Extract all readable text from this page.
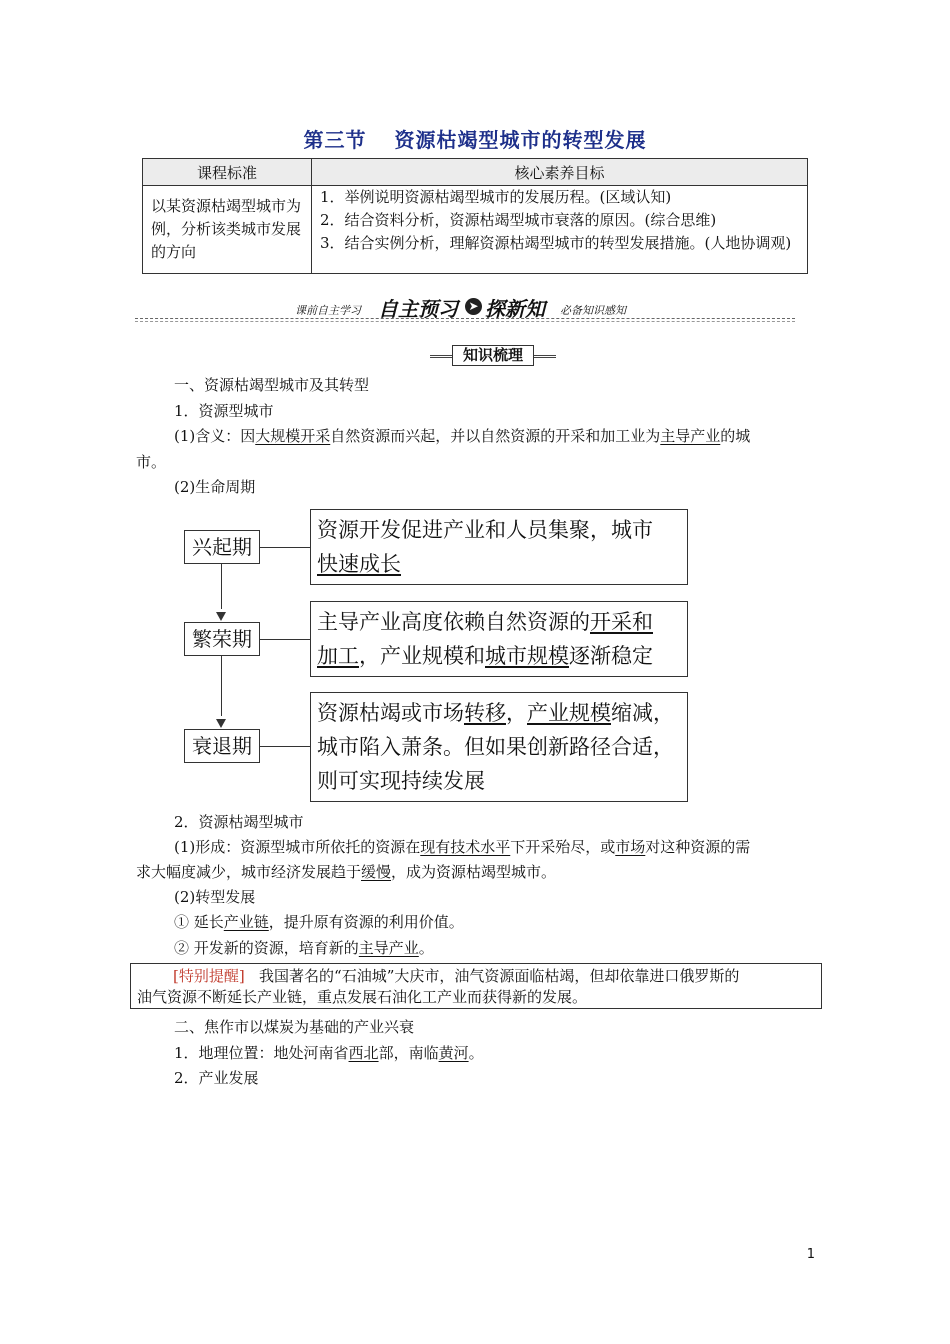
第三节 资源枯竭型城市的转型发展
课程标准	核心素养目标
以某资源枯竭型城市为例，分析该类城市发展的方向	1．举例说明资源枯竭型城市的发展历程。(区域认知)
2．结合资料分析，资源枯竭型城市衰落的原因。(综合思维)
3．结合实例分析，理解资源枯竭型城市的转型发展措施。(人地协调观)
课前自主学习 自主预习 ➤ 探新知 必备知识感知
知识梳理
一、资源枯竭型城市及其转型
1．资源型城市
(1)含义：因大规模开采自然资源而兴起，并以自然资源的开采和加工业为主导产业的城
市。
(2)生命周期
兴起期
繁荣期
衰退期
资源开发促进产业和人员集聚，城市
快速成长
主导产业高度依赖自然资源的开采和
加工，产业规模和城市规模逐渐稳定
资源枯竭或市场转移，产业规模缩减，
城市陷入萧条。但如果创新路径合适，
则可实现持续发展
2．资源枯竭型城市
(1)形成：资源型城市所依托的资源在现有技术水平下开采殆尽，或市场对这种资源的需
求大幅度减少，城市经济发展趋于缓慢，成为资源枯竭型城市。
(2)转型发展
① 延长产业链，提升原有资源的利用价值。
② 开发新的资源，培育新的主导产业。
[特别提醒] 我国著名的“石油城”大庆市，油气资源面临枯竭，但却依靠进口俄罗斯的
油气资源不断延长产业链，重点发展石油化工产业而获得新的发展。
二、焦作市以煤炭为基础的产业兴衰
1．地理位置：地处河南省西北部，南临黄河。
2．产业发展
1
